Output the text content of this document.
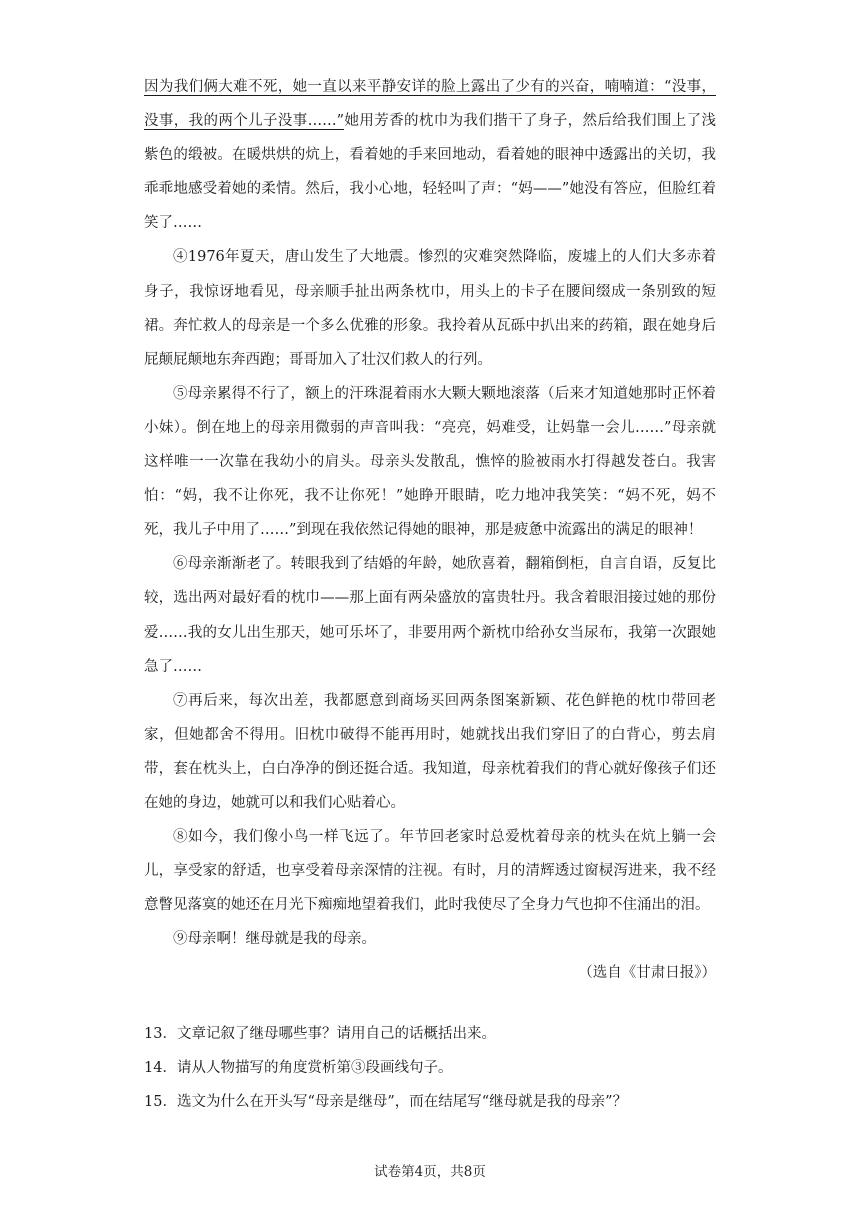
因为我们俩大难不死，她一直以来平静安详的脸上露出了少有的兴奋，喃喃道：“没事，没事，我的两个儿子没事……”她用芳香的枕巾为我们揩干了身子，然后给我们围上了浅紫色的缎被。在暖烘烘的炕上，看着她的手来回地动，看着她的眼神中透露出的关切，我乖乖地感受着她的柔情。然后，我小心地，轻轻叫了声：“妈——”她没有答应，但脸红着笑了……

④1976年夏天，唐山发生了大地震。惨烈的灾难突然降临，废墟上的人们大多赤着身子，我惊讶地看见，母亲顺手扯出两条枕巾，用头上的卡子在腰间缀成一条别致的短裙。奔忙救人的母亲是一个多么优雅的形象。我拎着从瓦砾中扒出来的药箱，跟在她身后屁颠屁颠地东奔西跑；哥哥加入了壮汉们救人的行列。

⑤母亲累得不行了，额上的汗珠混着雨水大颗大颗地滚落（后来才知道她那时正怀着小妹）。倒在地上的母亲用微弱的声音叫我：“亮亮，妈难受，让妈靠一会儿……”母亲就这样唯一一次靠在我幼小的肩头。母亲头发散乱，憔悴的脸被雨水打得越发苍白。我害怕：“妈，我不让你死，我不让你死！”她睁开眼睛，吃力地冲我笑笑：“妈不死，妈不死，我儿子中用了……”到现在我依然记得她的眼神，那是疲惫中流露出的满足的眼神！

⑥母亲渐渐老了。转眼我到了结婚的年龄，她欣喜着，翻箱倒柜，自言自语，反复比较，选出两对最好看的枕巾——那上面有两朵盛放的富贵牡丹。我含着眼泪接过她的那份爱……我的女儿出生那天，她可乐坏了，非要用两个新枕巾给孙女当尿布，我第一次跟她急了……

⑦再后来，每次出差，我都愿意到商场买回两条图案新颖、花色鲜艳的枕巾带回老家，但她都舍不得用。旧枕巾破得不能再用时，她就找出我们穿旧了的白背心，剪去肩带，套在枕头上，白白净净的倒还挺合适。我知道，母亲枕着我们的背心就好像孩子们还在她的身边，她就可以和我们心贴着心。

⑧如今，我们像小鸟一样飞远了。年节回老家时总爱枕着母亲的枕头在炕上躺一会儿，享受家的舒适，也享受着母亲深情的注视。有时，月的清辉透过窗棂泻进来，我不经意瞥见落寞的她还在月光下痴痴地望着我们，此时我使尽了全身力气也抑不住涌出的泪。

⑨母亲啊！继母就是我的母亲。

（选自《甘肃日报》）

13．文章记叙了继母哪些事？请用自己的话概括出来。

14．请从人物描写的角度赏析第③段画线句子。

15．选文为什么在开头写“母亲是继母”，而在结尾写“继母就是我的母亲”？

试卷第4页，共8页
